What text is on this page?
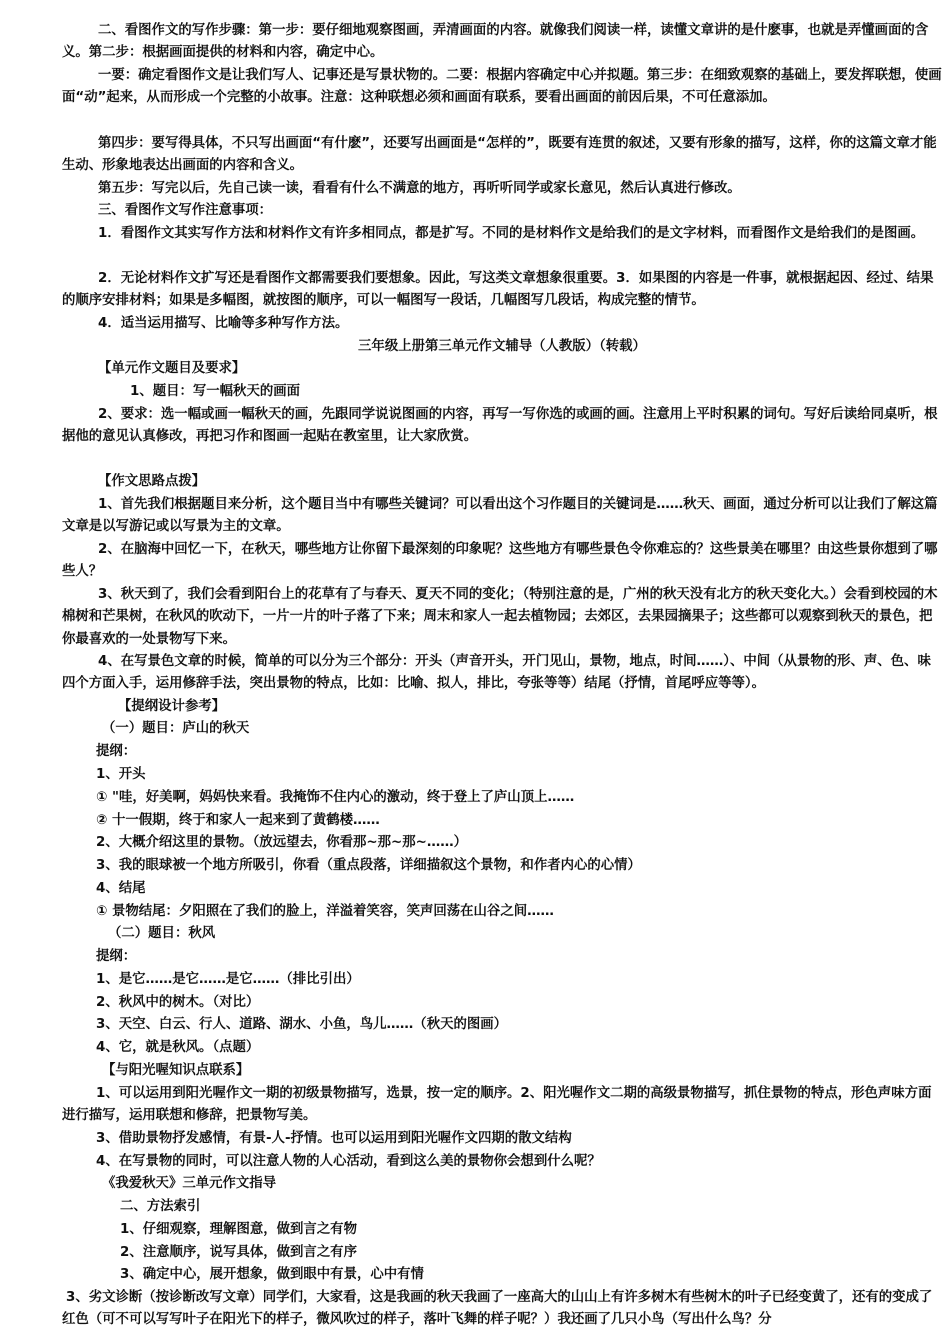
二、看图作文的写作步骤：第一步：要仔细地观察图画，弄清画面的内容。就像我们阅读一样，读懂文章讲的是什麽事，也就是弄懂画面的含义。第二步：根据画面提供的材料和内容，确定中心。

一要：确定看图作文是让我们写人、记事还是写景状物的。二要：根据内容确定中心并拟题。第三步：在细致观察的基础上，要发挥联想，使画面“动”起来，从而形成一个完整的小故事。注意：这种联想必须和画面有联系，要看出画面的前因后果，不可任意添加。

第四步：要写得具体，不只写出画面“有什麽”，还要写出画面是“怎样的”，既要有连贯的叙述，又要有形象的描写，这样，你的这篇文章才能生动、形象地表达出画面的内容和含义。

第五步：写完以后，先自己读一读，看看有什么不满意的地方，再听听同学或家长意见，然后认真进行修改。

三、看图作文写作注意事项：

1．看图作文其实写作方法和材料作文有许多相同点，都是扩写。不同的是材料作文是给我们的是文字材料，而看图作文是给我们的是图画。

2．无论材料作文扩写还是看图作文都需要我们要想象。因此，写这类文章想象很重要。3．如果图的内容是一件事，就根据起因、经过、结果的顺序安排材料；如果是多幅图，就按图的顺序，可以一幅图写一段话，几幅图写几段话，构成完整的情节。

4．适当运用描写、比喻等多种写作方法。

三年级上册第三单元作文辅导（人教版）（转载）

【单元作文题目及要求】

1、题目：写一幅秋天的画面

2、要求：选一幅或画一幅秋天的画，先跟同学说说图画的内容，再写一写你选的或画的画。注意用上平时积累的词句。写好后读给同桌听，根据他的意见认真修改，再把习作和图画一起贴在教室里，让大家欣赏。

【作文思路点拨】

1、首先我们根据题目来分析，这个题目当中有哪些关键词？可以看出这个习作题目的关键词是……秋天、画面，通过分析可以让我们了解这篇文章是以写游记或以写景为主的文章。

2、在脑海中回忆一下，在秋天，哪些地方让你留下最深刻的印象呢？这些地方有哪些景色令你难忘的？这些景美在哪里？由这些景你想到了哪些人？

3、秋天到了，我们会看到阳台上的花草有了与春天、夏天不同的变化；（特别注意的是，广州的秋天没有北方的秋天变化大。）会看到校园的木棉树和芒果树，在秋风的吹动下，一片一片的叶子落了下来；周末和家人一起去植物园；去郊区，去果园摘果子；这些都可以观察到秋天的景色，把你最喜欢的一处景物写下来。

4、在写景色文章的时候，简单的可以分为三个部分：开头（声音开头，开门见山，景物，地点，时间……）、中间（从景物的形、声、色、味四个方面入手，运用修辞手法，突出景物的特点，比如：比喻、拟人，排比，夸张等等）结尾（抒情，首尾呼应等等）。

【提纲设计参考】

（一）题目：庐山的秋天

提纲：

1、开头

① "哇，好美啊，妈妈快来看。我掩饰不住内心的激动，终于登上了庐山顶上……

② 十一假期，终于和家人一起来到了黄鹤楼……

2、大概介绍这里的景物。（放远望去，你看那~那~那~……）

3、我的眼球被一个地方所吸引，你看（重点段落，详细描叙这个景物，和作者内心的心情）

4、结尾

① 景物结尾：夕阳照在了我们的脸上，洋溢着笑容，笑声回荡在山谷之间……

（二）题目：秋风

提纲：

1、是它……是它……是它……（排比引出）

2、秋风中的树木。（对比）

3、天空、白云、行人、道路、湖水、小鱼，鸟儿……（秋天的图画）

4、它，就是秋风。（点题）

【与阳光喔知识点联系】

1、可以运用到阳光喔作文一期的初级景物描写，选景，按一定的顺序。2、阳光喔作文二期的高级景物描写，抓住景物的特点，形色声味方面进行描写，运用联想和修辞，把景物写美。

3、借助景物抒发感情，有景-人-抒情。也可以运用到阳光喔作文四期的散文结构

4、在写景物的同时，可以注意人物的人心活动，看到这么美的景物你会想到什么呢？

《我爱秋天》三单元作文指导

二、方法索引

1、仔细观察，理解图意，做到言之有物

2、注意顺序，说写具体，做到言之有序

3、确定中心，展开想象，做到眼中有景，心中有情

3、劣文诊断（按诊断改写文章）同学们，大家看，这是我画的秋天我画了一座高大的山山上有许多树木有些树木的叶子已经变黄了，还有的变成了红色（可不可以写写叶子在阳光下的样子，微风吹过的样子，落叶飞舞的样子呢？）我还画了几只小鸟（写出什么鸟？分
